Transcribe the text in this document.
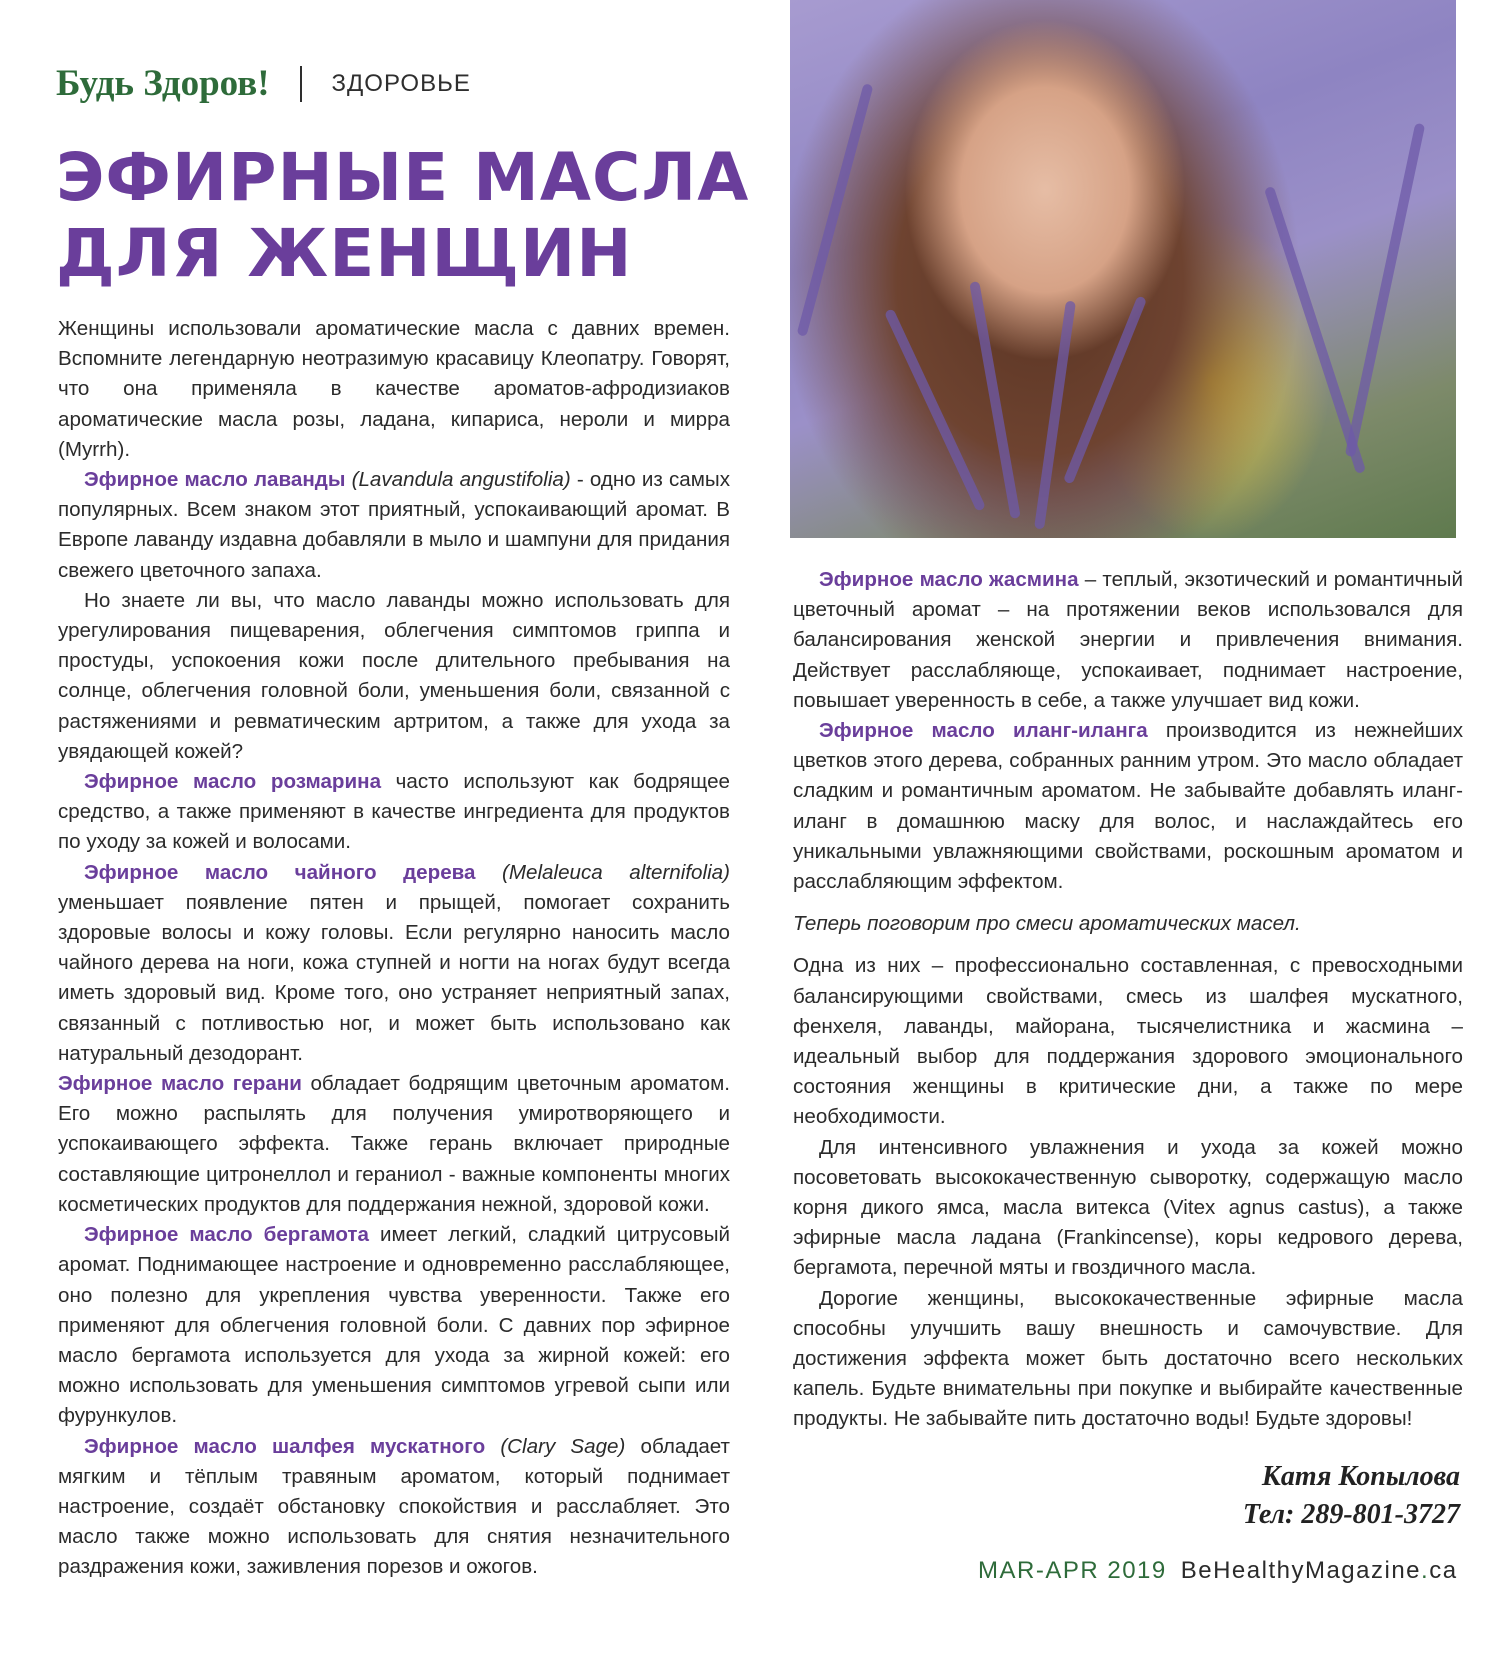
Будь Здоров!	ЗДОРОВЬЕ
ЭФИРНЫЕ МАСЛА
ДЛЯ ЖЕНЩИН

Женщины использовали ароматические масла с давних времен. Вспомните легендарную неотразимую красавицу Клеопатру. Говорят, что она применяла в качестве ароматов-афродизиаков ароматические масла розы, ладана, кипариса, нероли и мирра (Myrrh).

Эфирное масло лаванды (Lavandula angustifolia) - одно из самых популярных. Всем знаком этот приятный, успокаивающий аромат. В Европе лаванду издавна добавляли в мыло и шампуни для придания свежего цветочного запаха.

Но знаете ли вы, что масло лаванды можно использовать для урегулирования пищеварения, облегчения симптомов гриппа и простуды, успокоения кожи после длительного пребывания на солнце, облегчения головной боли, уменьшения боли, связанной с растяжениями и ревматическим артритом, а также для ухода за увядающей кожей?

Эфирное масло розмарина часто используют как бодрящее средство, а также применяют в качестве ингредиента для продуктов по уходу за кожей и волосами.

Эфирное масло чайного дерева (Melaleuca alternifolia) уменьшает появление пятен и прыщей, помогает сохранить здоровые волосы и кожу головы. Если регулярно наносить масло чайного дерева на ноги, кожа ступней и ногти на ногах будут всегда иметь здоровый вид. Кроме того, оно устраняет неприятный запах, связанный с потливостью ног, и может быть использовано как натуральный дезодорант.

Эфирное масло герани обладает бодрящим цветочным ароматом. Его можно распылять для получения умиротворяющего и успокаивающего эффекта. Также герань включает природные составляющие цитронеллол и гераниол - важные компоненты многих косметических продуктов для поддержания нежной, здоровой кожи.

Эфирное масло бергамота имеет легкий, сладкий цитрусовый аромат. Поднимающее настроение и одновременно расслабляющее, оно полезно для укрепления чувства уверенности. Также его применяют для облегчения головной боли. С давних пор эфирное масло бергамота используется для ухода за жирной кожей: его можно использовать для уменьшения симптомов угревой сыпи или фурункулов.

Эфирное масло шалфея мускатного (Clary Sage) обладает мягким и тёплым травяным ароматом, который поднимает настроение, создаёт обстановку спокойствия и расслабляет. Это масло также можно использовать для снятия незначительного раздражения кожи, заживления порезов и ожогов.

Эфирное масло жасмина – теплый, экзотический и романтичный цветочный аромат – на протяжении веков использовался для балансирования женской энергии и привлечения внимания. Действует расслабляюще, успокаивает, поднимает настроение, повышает уверенность в себе, а также улучшает вид кожи.

Эфирное масло иланг-иланга производится из нежнейших цветков этого дерева, собранных ранним утром. Это масло обладает сладким и романтичным ароматом. Не забывайте добавлять иланг-иланг в домашнюю маску для волос, и наслаждайтесь его уникальными увлажняющими свойствами, роскошным ароматом и расслабляющим эффектом.

Теперь поговорим про смеси ароматических масел.

Одна из них – профессионально составленная, с превосходными балансирующими свойствами, смесь из шалфея мускатного, фенхеля, лаванды, майорана, тысячелистника и жасмина – идеальный выбор для поддержания здорового эмоционального состояния женщины в критические дни, а также по мере необходимости.

Для интенсивного увлажнения и ухода за кожей можно посоветовать высококачественную сыворотку, содержащую масло корня дикого ямса, масла витекса (Vitex agnus castus), а также эфирные масла ладана (Frankincense), коры кедрового дерева, бергамота, перечной мяты и гвоздичного масла.

Дорогие женщины, высококачественные эфирные масла способны улучшить вашу внешность и самочувствие. Для достижения эффекта может быть достаточно всего нескольких капель. Будьте внимательны при покупке и выбирайте качественные продукты. Не забывайте пить достаточно воды! Будьте здоровы!

Катя Копылова
Тел: 289-801-3727
MAR-APR 2019 BeHealthyMagazine.ca
